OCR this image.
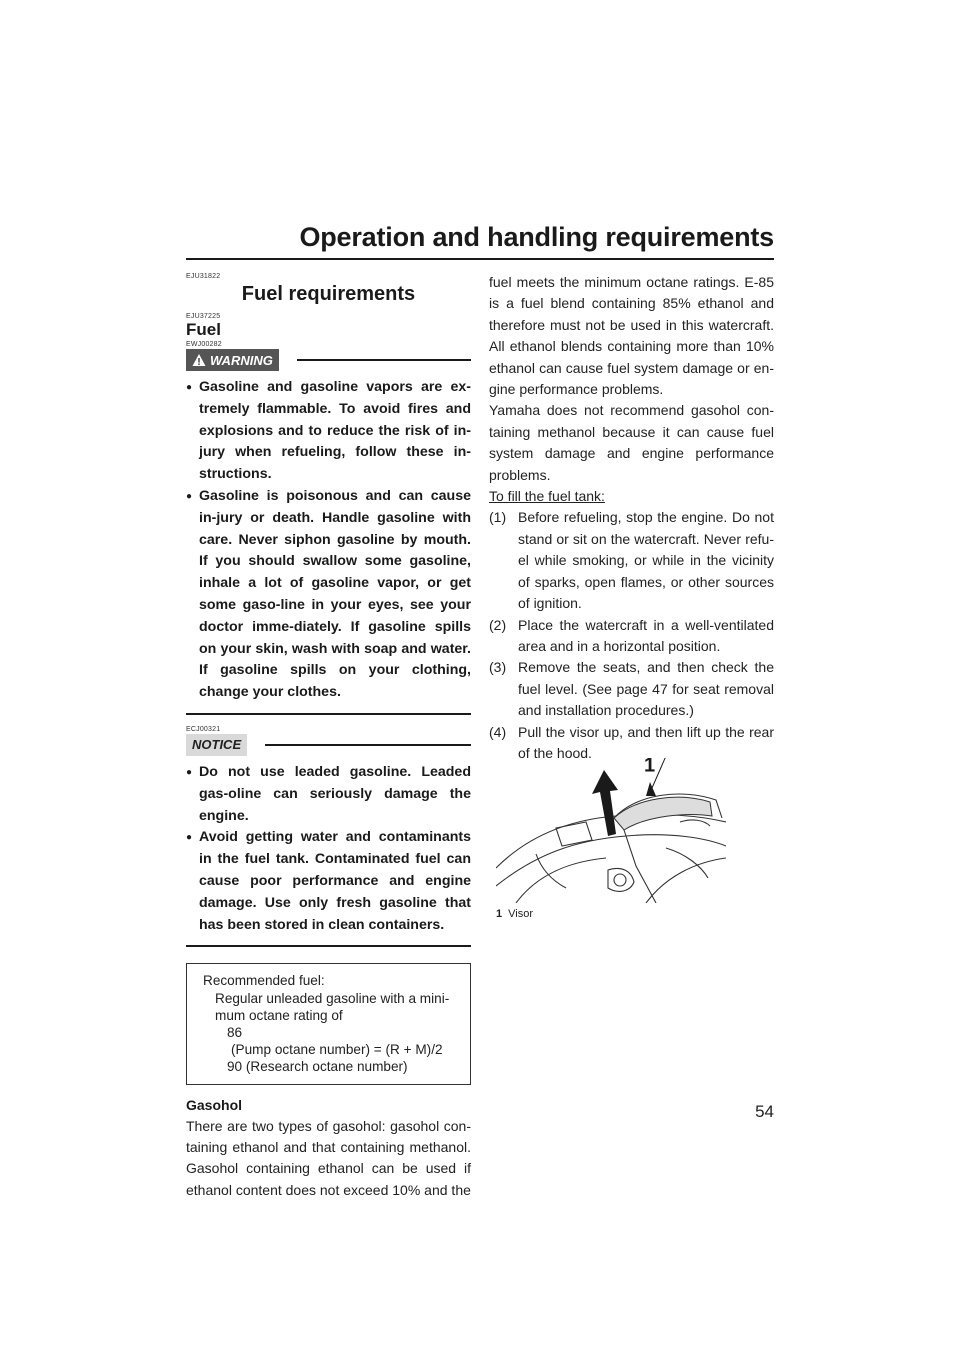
Operation and handling requirements
EJU31822
Fuel requirements
EJU37225
Fuel
EWJ00282
WARNING
● Gasoline and gasoline vapors are ex-tremely flammable. To avoid fires and explosions and to reduce the risk of in-jury when refueling, follow these in-structions.
● Gasoline is poisonous and can cause in-jury or death. Handle gasoline with care. Never siphon gasoline by mouth. If you should swallow some gasoline, inhale a lot of gasoline vapor, or get some gaso-line in your eyes, see your doctor imme-diately. If gasoline spills on your skin, wash with soap and water. If gasoline spills on your clothing, change your clothes.
ECJ00321
NOTICE
● Do not use leaded gasoline. Leaded gas-oline can seriously damage the engine.
● Avoid getting water and contaminants in the fuel tank. Contaminated fuel can cause poor performance and engine damage. Use only fresh gasoline that has been stored in clean containers.
Recommended fuel:
Regular unleaded gasoline with a mini-
mum octane rating of
86
(Pump octane number) = (R + M)/2
90 (Research octane number)
Gasohol

There are two types of gasohol: gasohol con-taining ethanol and that containing methanol. Gasohol containing ethanol can be used if ethanol content does not exceed 10% and the

fuel meets the minimum octane ratings. E-85 is a fuel blend containing 85% ethanol and therefore must not be used in this watercraft. All ethanol blends containing more than 10% ethanol can cause fuel system damage or en-gine performance problems.

Yamaha does not recommend gasohol con-taining methanol because it can cause fuel system damage and engine performance problems.

To fill the fuel tank:
(1) Before refueling, stop the engine. Do not stand or sit on the watercraft. Never refu-el while smoking, or while in the vicinity of sparks, open flames, or other sources of ignition.
(2) Place the watercraft in a well-ventilated area and in a horizontal position.
(3) Remove the seats, and then check the fuel level. (See page 47 for seat removal and installation procedures.)
(4) Pull the visor up, and then lift up the rear of the hood.
1
1 Visor
54
